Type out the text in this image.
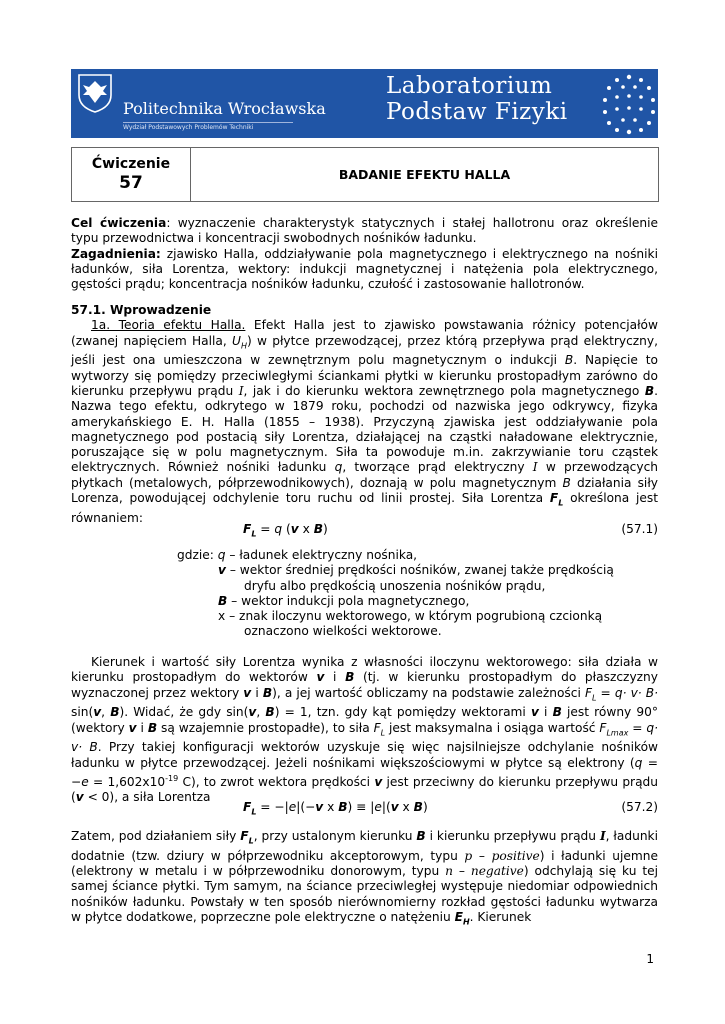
Politechnika Wrocławska
Wydział Podstawowych Problemów Techniki
Laboratorium
Podstaw Fizyki
Ćwiczenie
57	BADANIE EFEKTU HALLA

Cel ćwiczenia: wyznaczenie charakterystyk statycznych i stałej hallotronu oraz określenie typu przewodnictwa i koncentracji swobodnych nośników ładunku.

Zagadnienia: zjawisko Halla, oddziaływanie pola magnetycznego i elektrycznego na nośniki ładunków, siła Lorentza, wektory: indukcji magnetycznej i natężenia pola elektrycznego, gęstości prądu; koncentracja nośników ładunku, czułość i zastosowanie hallotronów.

57.1. Wprowadzenie

1a. Teoria efektu Halla. Efekt Halla jest to zjawisko powstawania różnicy potencjałów (zwanej napięciem Halla, $U_H$) w płytce przewodzącej, przez którą przepływa prąd elektryczny, jeśli jest ona umieszczona w zewnętrznym polu magnetycznym o indukcji B. Napięcie to wytworzy się pomiędzy przeciwległymi ściankami płytki w kierunku prostopadłym zarówno do kierunku przepływu prądu I, jak i do kierunku wektora zewnętrznego pola magnetycznego B. Nazwa tego efektu, odkrytego w 1879 roku, pochodzi od nazwiska jego odkrywcy, fizyka amerykańskiego E. H. Halla (1855 – 1938). Przyczyną zjawiska jest oddziaływanie pola magnetycznego pod postacią siły Lorentza, działającej na cząstki naładowane elektrycznie, poruszające się w polu magnetycznym. Siła ta powoduje m.in. zakrzywianie toru cząstek elektrycznych. Również nośniki ładunku q, tworzące prąd elektryczny I w przewodzących płytkach (metalowych, półprzewodnikowych), doznają w polu magnetycznym B działania siły Lorenza, powodującej odchylenie toru ruchu od linii prostej. Siła Lorentza $F_L$ określona jest równaniem:

$F_L = q$ (v x B)	(57.1)
gdzie: q – ładunek elektryczny nośnika,
v – wektor średniej prędkości nośników, zwanej także prędkością
dryfu albo prędkością unoszenia nośników prądu,
B – wektor indukcji pola magnetycznego,
x – znak iloczynu wektorowego, w którym pogrubioną czcionką
oznaczono wielkości wektorowe.

Kierunek i wartość siły Lorentza wynika z własności iloczynu wektorowego: siła działa w kierunku prostopadłym do wektorów v i B (tj. w kierunku prostopadłym do płaszczyzny wyznaczonej przez wektory v i B), a jej wartość obliczamy na podstawie zależności $F_L = q\cdot v\cdot B\cdot \sin(v$, B). Widać, że gdy sin(v, B) = 1, tzn. gdy kąt pomiędzy wektorami v i B jest równy 90° (wektory v i B są wzajemnie prostopadłe), to siła $F_L$ jest maksymalna i osiąga wartość $F_{Lmax} = q\cdot v\cdot B$. Przy takiej konfiguracji wektorów uzyskuje się więc najsilniejsze odchylanie nośników ładunku w płytce przewodzącej. Jeżeli nośnikami większościowymi w płytce są elektrony ($q = -e = 1,602x10^{-19}$ C), to zwrot wektora prędkości v jest przeciwny do kierunku przepływu prądu (v < 0), a siła Lorentza

$F_L = -|e|(-v$ x B) ≡ |e|(v x B)	(57.2)

Zatem, pod działaniem siły $F_L$, przy ustalonym kierunku B i kierunku przepływu prądu I, ładunki dodatnie (tzw. dziury w półprzewodniku akceptorowym, typu p – positive) i ładunki ujemne (elektrony w metalu i w półprzewodniku donorowym, typu n – negative) odchylają się ku tej samej ściance płytki. Tym samym, na ściance przeciwległej występuje niedomiar odpowiednich nośników ładunku. Powstały w ten sposób nierównomierny rozkład gęstości ładunku wytwarza w płytce dodatkowe, poprzeczne pole elektryczne o natężeniu $E_H$. Kierunek

1
